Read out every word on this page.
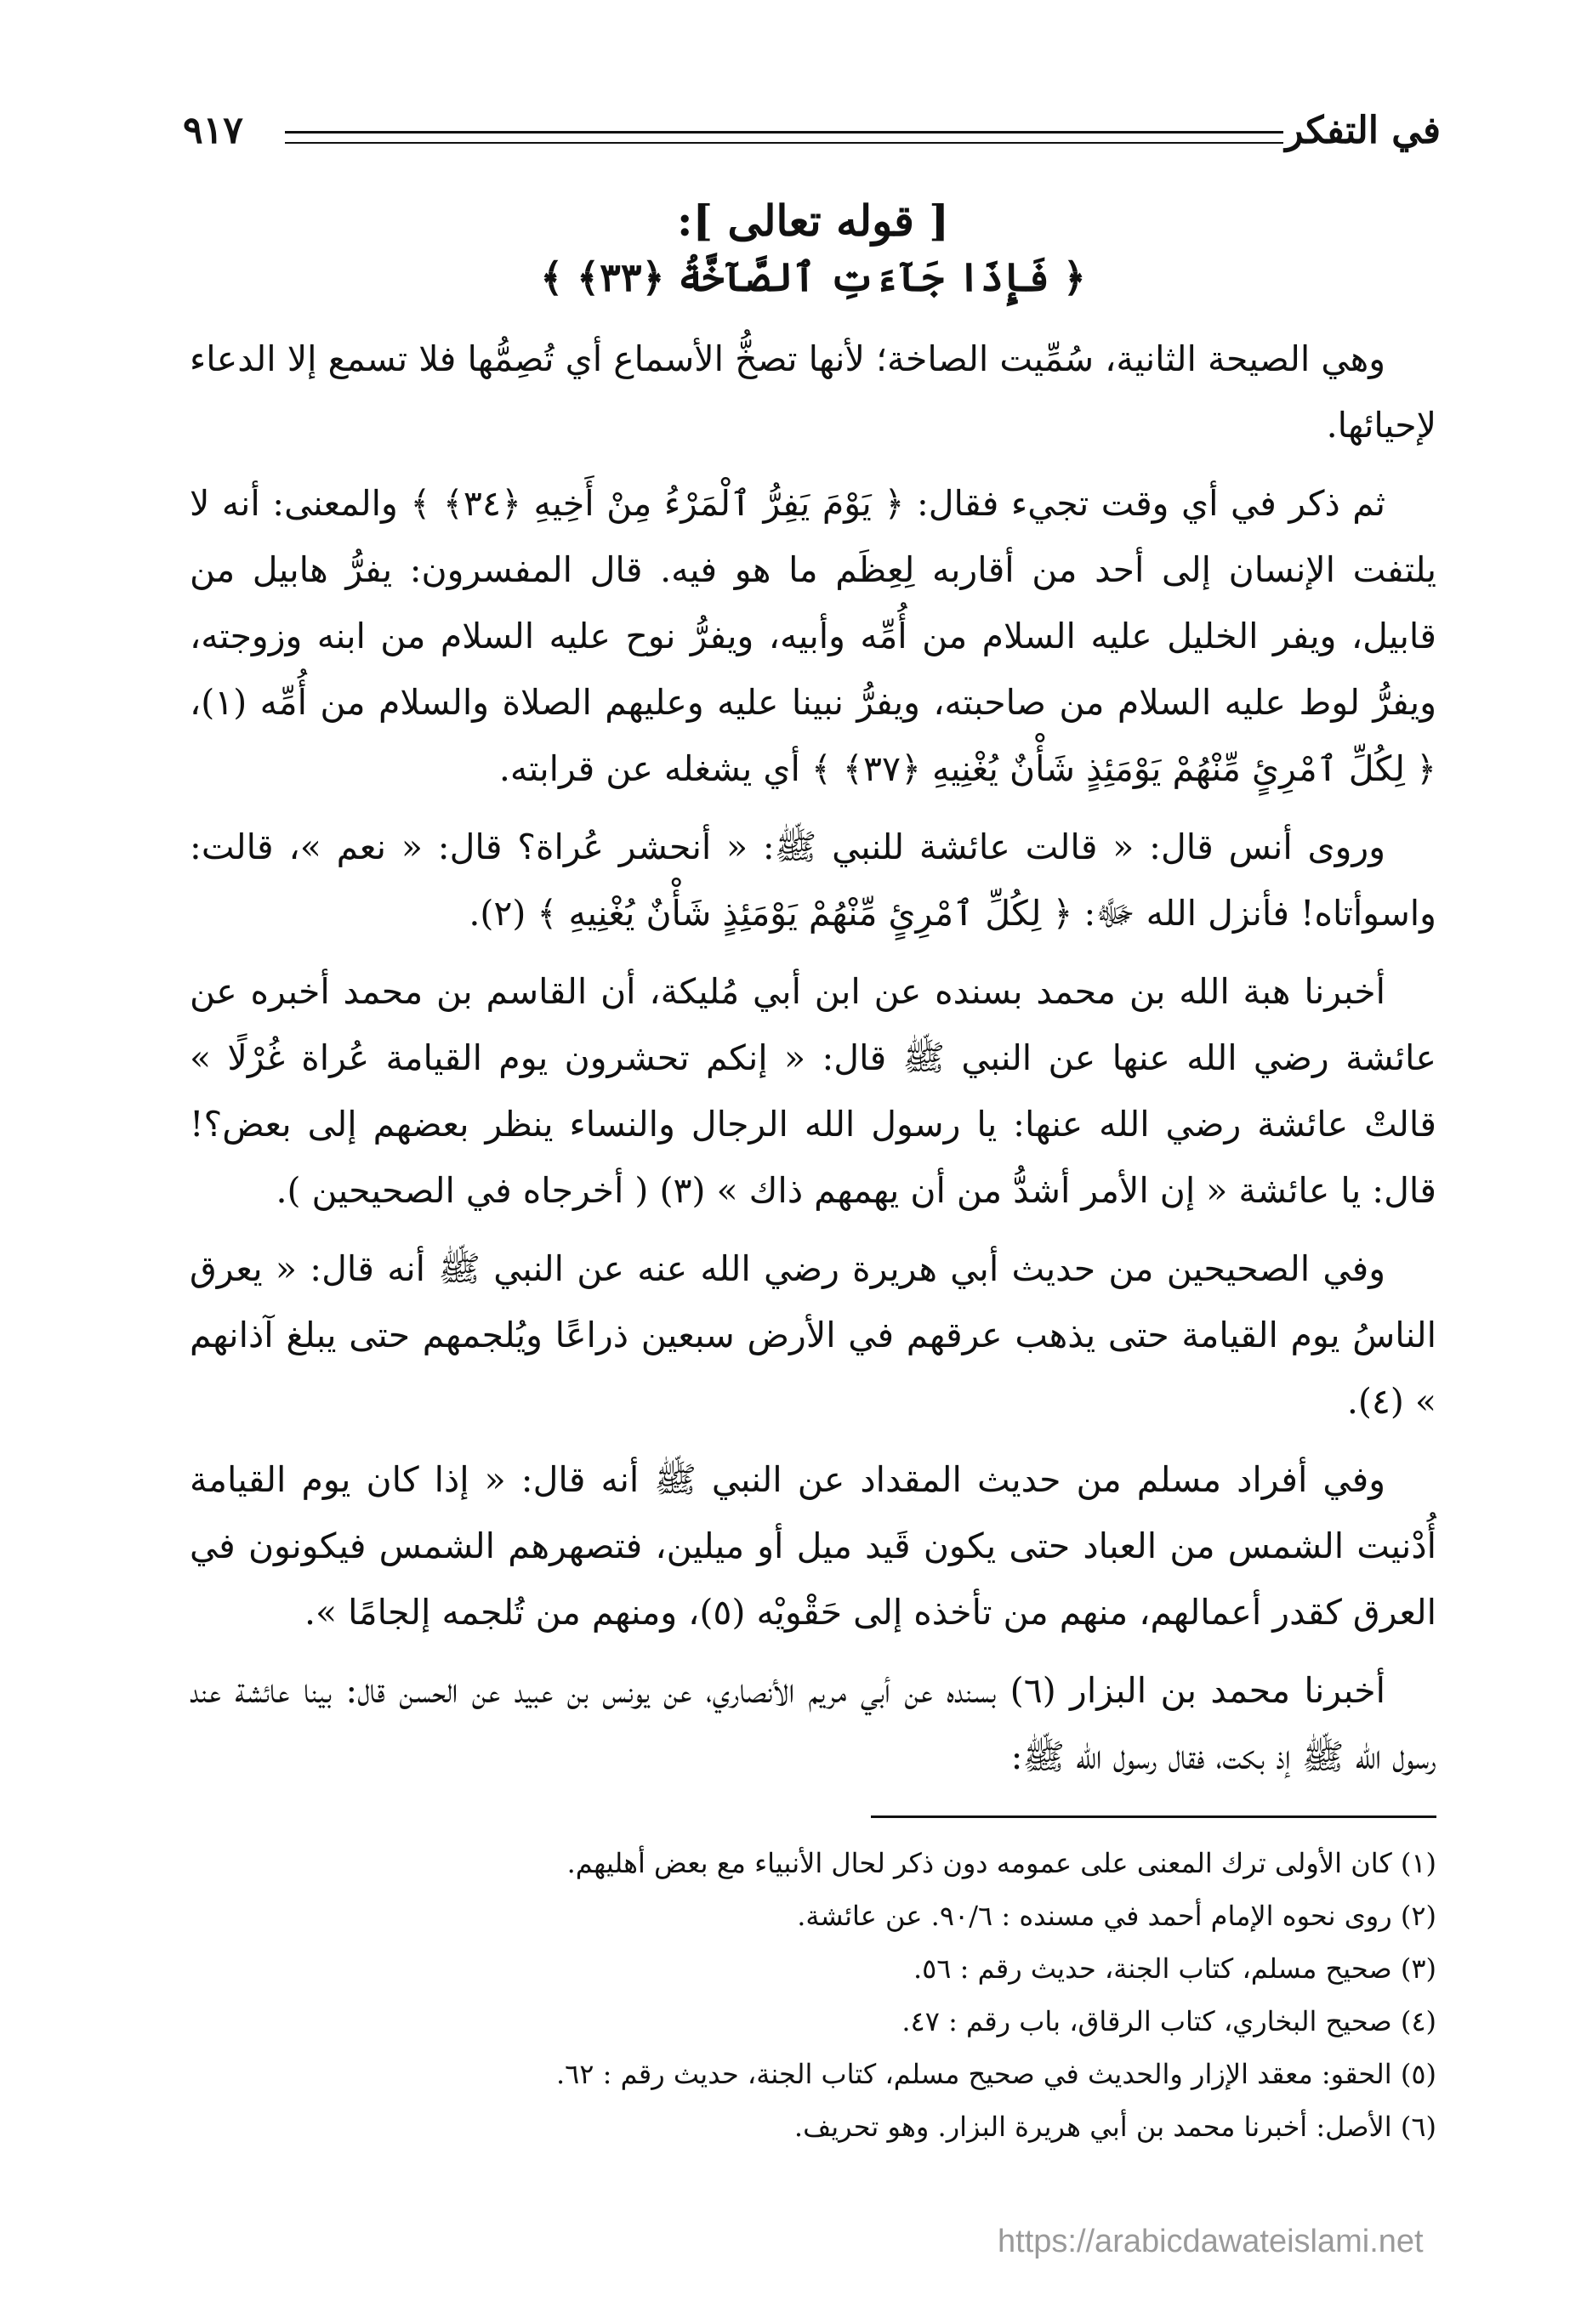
في التفكر
٩١٧
[ قوله تعالى ]:
﴿ فَإِذَا جَآءَتِ ٱلصَّآخَّةُ ﴿٣٣﴾ ﴾

وهي الصيحة الثانية، سُمِّيت الصاخة؛ لأنها تصخُّ الأسماع أي تُصِمُّها فلا تسمع إلا الدعاء لإحيائها.

ثم ذكر في أي وقت تجيء فقال: ﴿ يَوْمَ يَفِرُّ ٱلْمَرْءُ مِنْ أَخِيهِ ﴿٣٤﴾ ﴾ والمعنى: أنه لا يلتفت الإنسان إلى أحد من أقاربه لِعِظَم ما هو فيه. قال المفسرون: يفرُّ هابيل من قابيل، ويفر الخليل عليه السلام من أُمِّه وأبيه، ويفرُّ نوح عليه السلام من ابنه وزوجته، ويفرُّ لوط عليه السلام من صاحبته، ويفرُّ نبينا عليه وعليهم الصلاة والسلام من أُمِّه (١)، ﴿ لِكُلِّ ٱمْرِئٍ مِّنْهُمْ يَوْمَئِذٍ شَأْنٌ يُغْنِيهِ ﴿٣٧﴾ ﴾ أي يشغله عن قرابته.

وروى أنس قال: « قالت عائشة للنبي ﷺ: « أنحشر عُراة؟ قال: « نعم »، قالت: واسوأتاه! فأنزل الله ﷻ: ﴿ لِكُلِّ ٱمْرِئٍ مِّنْهُمْ يَوْمَئِذٍ شَأْنٌ يُغْنِيهِ ﴾ (٢).

أخبرنا هبة الله بن محمد بسنده عن ابن أبي مُليكة، أن القاسم بن محمد أخبره عن عائشة رضي الله عنها عن النبي ﷺ قال: « إنكم تحشرون يوم القيامة عُراة غُرْلًا » قالتْ عائشة رضي الله عنها: يا رسول الله الرجال والنساء ينظر بعضهم إلى بعض؟! قال: يا عائشة « إن الأمر أشدُّ من أن يهمهم ذاك » (٣) ( أخرجاه في الصحيحين ).

وفي الصحيحين من حديث أبي هريرة رضي الله عنه عن النبي ﷺ أنه قال: « يعرق الناسُ يوم القيامة حتى يذهب عرقهم في الأرض سبعين ذراعًا ويُلجمهم حتى يبلغ آذانهم » (٤).

وفي أفراد مسلم من حديث المقداد عن النبي ﷺ أنه قال: « إذا كان يوم القيامة أُدْنيت الشمس من العباد حتى يكون قَيد ميل أو ميلين، فتصهرهم الشمس فيكونون في العرق كقدر أعمالهم، منهم من تأخذه إلى حَقْويْه (٥)، ومنهم من تُلجمه إلجامًا ».

أخبرنا محمد بن البزار (٦) بسنده عن أبي مريم الأنصاري، عن يونس بن عبيد عن الحسن قال: بينا عائشة عند رسول الله ﷺ إذ بكت، فقال رسول الله ﷺ:

(١) كان الأولى ترك المعنى على عمومه دون ذكر لحال الأنبياء مع بعض أهليهم.

(٢) روى نحوه الإمام أحمد في مسنده : ٩٠/٦. عن عائشة.

(٣) صحيح مسلم، كتاب الجنة، حديث رقم : ٥٦.

(٤) صحيح البخاري، كتاب الرقاق، باب رقم : ٤٧.

(٥) الحقو: معقد الإزار والحديث في صحيح مسلم، كتاب الجنة، حديث رقم : ٦٢.

(٦) الأصل: أخبرنا محمد بن أبي هريرة البزار. وهو تحريف.

https://arabicdawateislami.net
